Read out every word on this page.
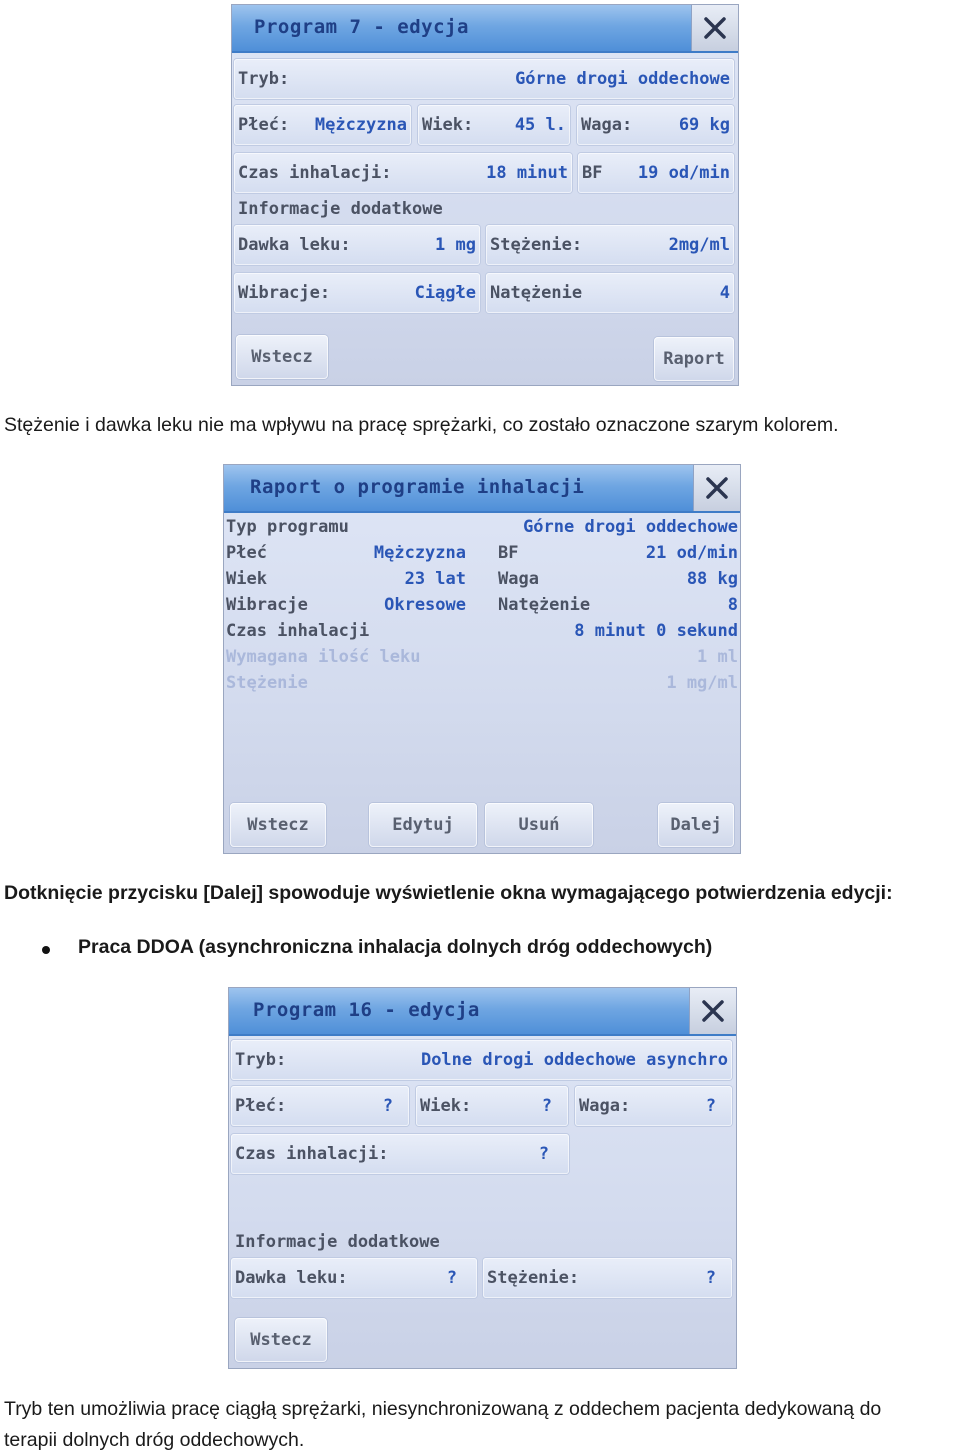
Program 7 - edycja
Tryb:	Górne drogi oddechowe
Płeć: Mężczyzna Wiek: 45 l. Waga:	69 kg
Czas inhalacji:	18 minut BF 19 od/min
Informacje dodatkowe
Dawka leku:	1 mg Stężenie:	2mg/ml
Wibracje:	Ciągłe Natężenie	4
Wstecz	Raport
Stężenie i dawka leku nie ma wpływu na pracę sprężarki, co zostało oznaczone szarym kolorem.
Raport o programie inhalacji
Typ programu	Górne drogi oddechowe
Płeć	Mężczyzna BF	21 od/min
Wiek	23 lat Waga	88 kg
Wibracje	Okresowe Natężenie	8
Czas inhalacji	8 minut 0 sekund
Wymagana ilość leku	1 ml
Stężenie	1 mg/ml
Wstecz	Edytuj	Usuń	Dalej
Dotknięcie przycisku [Dalej] spowoduje wyświetlenie okna wymagającego potwierdzenia edycji:
Praca DDOA (asynchroniczna inhalacja dolnych dróg oddechowych)
Program 16 - edycja
Tryb:	Dolne drogi oddechowe asynchro
Płeć:	? Wiek:	? Waga:	?
Czas inhalacji:	?
Informacje dodatkowe
Dawka leku:	? Stężenie:	?
Wstecz
Tryb ten umożliwia pracę ciągłą sprężarki, niesynchronizowaną z oddechem pacjenta dedykowaną do
terapii dolnych dróg oddechowych.
